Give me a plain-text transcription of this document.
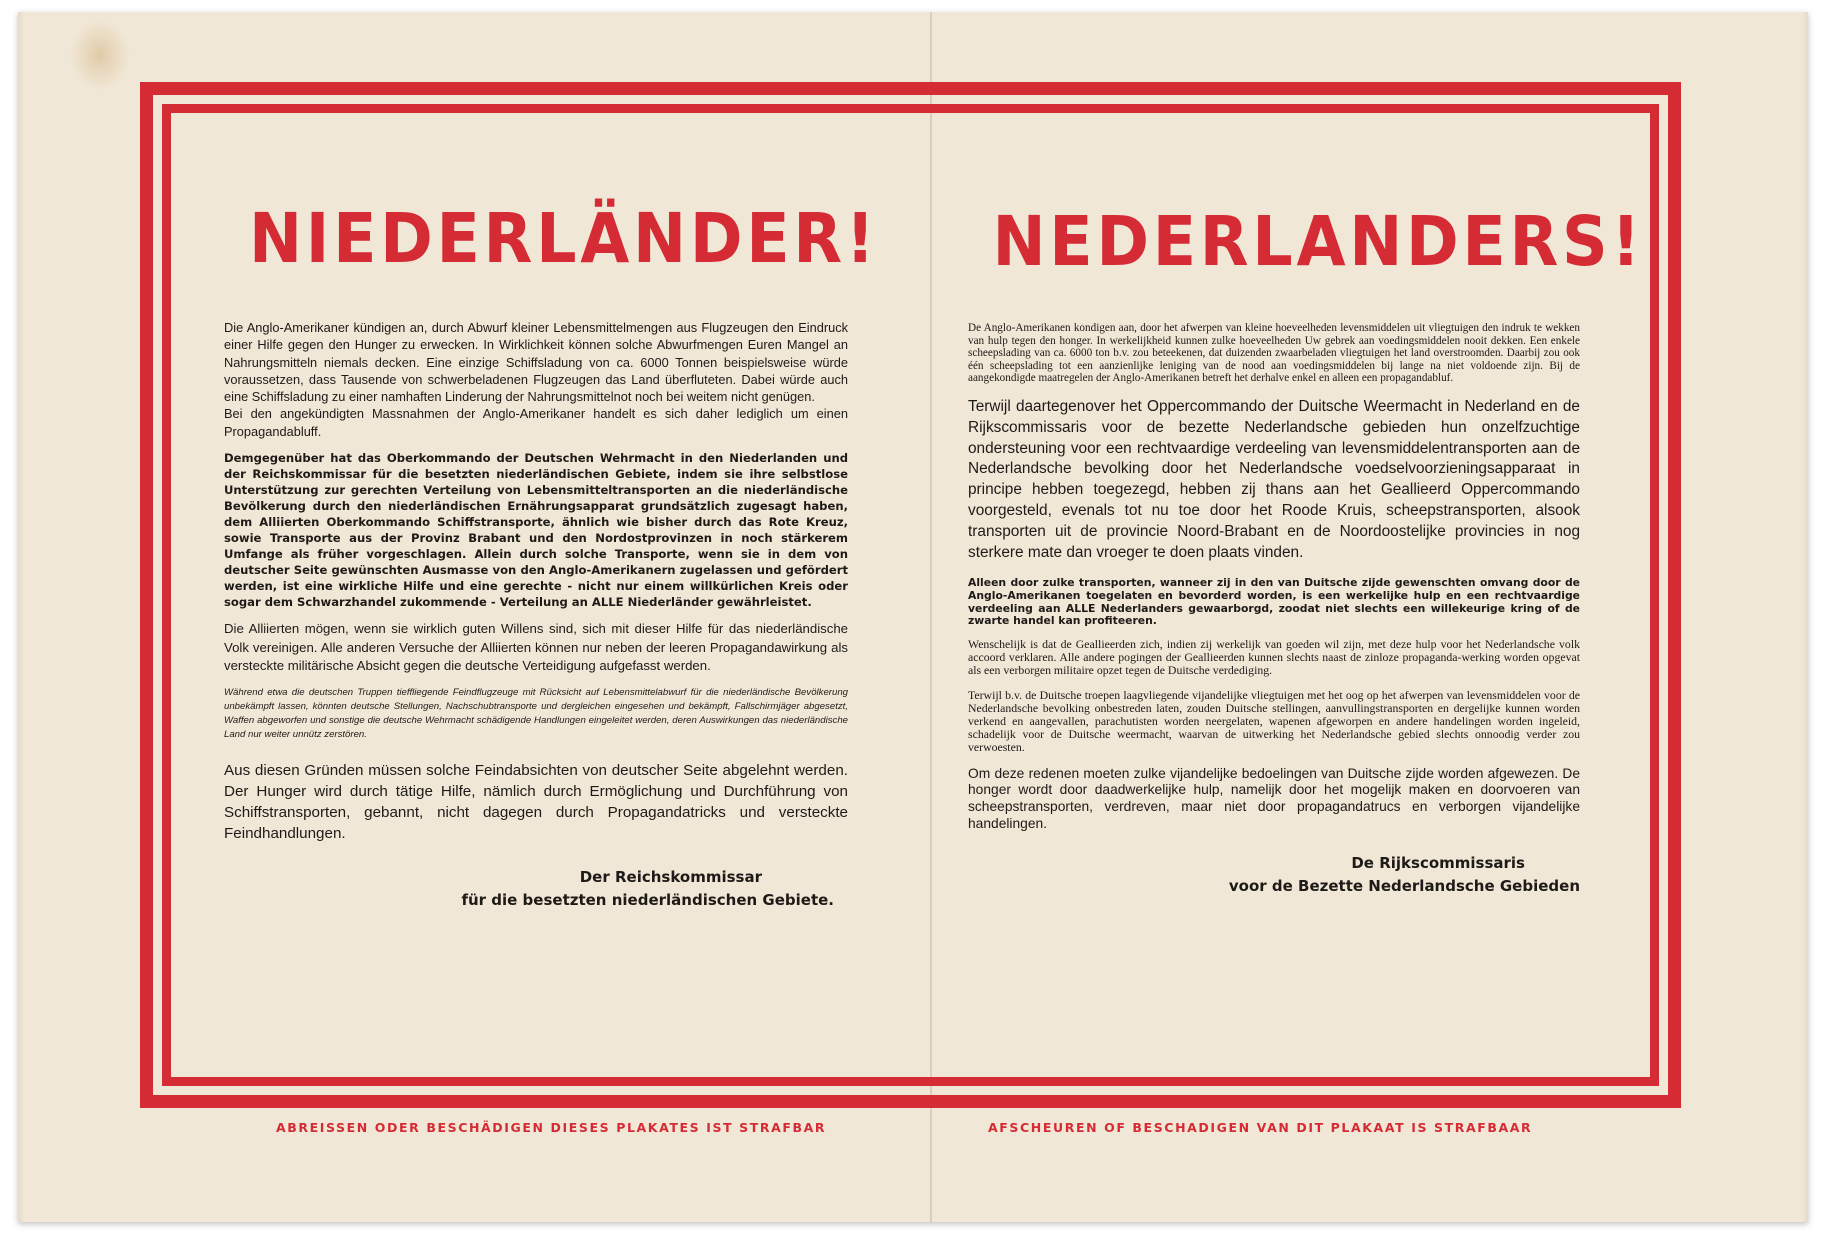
NIEDERLÄNDER!

Die Anglo-Amerikaner kündigen an, durch Abwurf kleiner Lebensmittelmengen aus Flugzeugen den Eindruck einer Hilfe gegen den Hunger zu erwecken. In Wirklichkeit können solche Abwurfmengen Euren Mangel an Nahrungsmitteln niemals decken. Eine einzige Schiffsladung von ca. 6000 Tonnen beispielsweise würde voraussetzen, dass Tausende von schwerbeladenen Flugzeugen das Land überfluteten. Dabei würde auch eine Schiffsladung zu einer namhaften Linderung der Nahrungsmittelnot noch bei weitem nicht genügen.

Bei den angekündigten Massnahmen der Anglo-Amerikaner handelt es sich daher lediglich um einen Propagandabluff.

Demgegenüber hat das Oberkommando der Deutschen Wehrmacht in den Niederlanden und der Reichskommissar für die besetzten niederländischen Gebiete, indem sie ihre selbstlose Unterstützung zur gerechten Verteilung von Lebensmitteltransporten an die niederländische Bevölkerung durch den niederländischen Ernährungsapparat grundsätzlich zugesagt haben, dem Alliierten Oberkommando Schiffstransporte, ähnlich wie bisher durch das Rote Kreuz, sowie Transporte aus der Provinz Brabant und den Nordostprovinzen in noch stärkerem Umfange als früher vorgeschlagen. Allein durch solche Transporte, wenn sie in dem von deutscher Seite gewünschten Ausmasse von den Anglo-Amerikanern zugelassen und gefördert werden, ist eine wirkliche Hilfe und eine gerechte - nicht nur einem willkürlichen Kreis oder sogar dem Schwarzhandel zukommende - Verteilung an ALLE Niederländer gewährleistet.

Die Alliierten mögen, wenn sie wirklich guten Willens sind, sich mit dieser Hilfe für das niederländische Volk vereinigen. Alle anderen Versuche der Alliierten können nur neben der leeren Propagandawirkung als versteckte militärische Absicht gegen die deutsche Verteidigung aufgefasst werden.

Während etwa die deutschen Truppen tieffliegende Feindflugzeuge mit Rücksicht auf Lebensmittelabwurf für die niederländische Bevölkerung unbekämpft lassen, könnten deutsche Stellungen, Nachschubtransporte und dergleichen eingesehen und bekämpft, Fallschirmjäger abgesetzt, Waffen abgeworfen und sonstige die deutsche Wehrmacht schädigende Handlungen eingeleitet werden, deren Auswirkungen das niederländische Land nur weiter unnütz zerstören.

Aus diesen Gründen müssen solche Feindabsichten von deutscher Seite abgelehnt werden. Der Hunger wird durch tätige Hilfe, nämlich durch Ermöglichung und Durchführung von Schiffstransporten, gebannt, nicht dagegen durch Propagandatricks und versteckte Feindhandlungen.

Der Reichskommissar
für die besetzten niederländischen Gebiete.
NEDERLANDERS!

De Anglo-Amerikanen kondigen aan, door het afwerpen van kleine hoeveelheden levensmiddelen uit vliegtuigen den indruk te wekken van hulp tegen den honger. In werkelijkheid kunnen zulke hoeveelheden Uw gebrek aan voedingsmiddelen nooit dekken. Een enkele scheepslading van ca. 6000 ton b.v. zou beteekenen, dat duizenden zwaarbeladen vliegtuigen het land overstroomden. Daarbij zou ook één scheepslading tot een aanzienlijke leniging van de nood aan voedingsmiddelen bij lange na niet voldoende zijn. Bij de aangekondigde maatregelen der Anglo-Amerikanen betreft het derhalve enkel en alleen een propagandabluf.

Terwijl daartegenover het Oppercommando der Duitsche Weermacht in Nederland en de Rijkscommissaris voor de bezette Nederlandsche gebieden hun onzelfzuchtige ondersteuning voor een rechtvaardige verdeeling van levensmiddelentransporten aan de Nederlandsche bevolking door het Nederlandsche voedselvoorzieningsapparaat in principe hebben toegezegd, hebben zij thans aan het Geallieerd Oppercommando voorgesteld, evenals tot nu toe door het Roode Kruis, scheepstransporten, alsook transporten uit de provincie Noord-Brabant en de Noordoostelijke provincies in nog sterkere mate dan vroeger te doen plaats vinden.

Alleen door zulke transporten, wanneer zij in den van Duitsche zijde gewenschten omvang door de Anglo-Amerikanen toegelaten en bevorderd worden, is een werkelijke hulp en een rechtvaardige verdeeling aan ALLE Nederlanders gewaarborgd, zoodat niet slechts een willekeurige kring of de zwarte handel kan profiteeren.

Wenschelijk is dat de Geallieerden zich, indien zij werkelijk van goeden wil zijn, met deze hulp voor het Nederlandsche volk accoord verklaren. Alle andere pogingen der Geallieerden kunnen slechts naast de zinloze propaganda-werking worden opgevat als een verborgen militaire opzet tegen de Duitsche verdediging.

Terwijl b.v. de Duitsche troepen laagvliegende vijandelijke vliegtuigen met het oog op het afwerpen van levensmiddelen voor de Nederlandsche bevolking onbestreden laten, zouden Duitsche stellingen, aanvullingstransporten en dergelijke kunnen worden verkend en aangevallen, parachutisten worden neergelaten, wapenen afgeworpen en andere handelingen worden ingeleid, schadelijk voor de Duitsche weermacht, waarvan de uitwerking het Nederlandsche gebied slechts onnoodig verder zou verwoesten.

Om deze redenen moeten zulke vijandelijke bedoelingen van Duitsche zijde worden afgewezen. De honger wordt door daadwerkelijke hulp, namelijk door het mogelijk maken en doorvoeren van scheepstransporten, verdreven, maar niet door propagandatrucs en verborgen vijandelijke handelingen.

De Rijkscommissaris
voor de Bezette Nederlandsche Gebieden
ABREISSEN ODER BESCHÄDIGEN DIESES PLAKATES IST STRAFBAR	AFSCHEUREN OF BESCHADIGEN VAN DIT PLAKAAT IS STRAFBAAR
